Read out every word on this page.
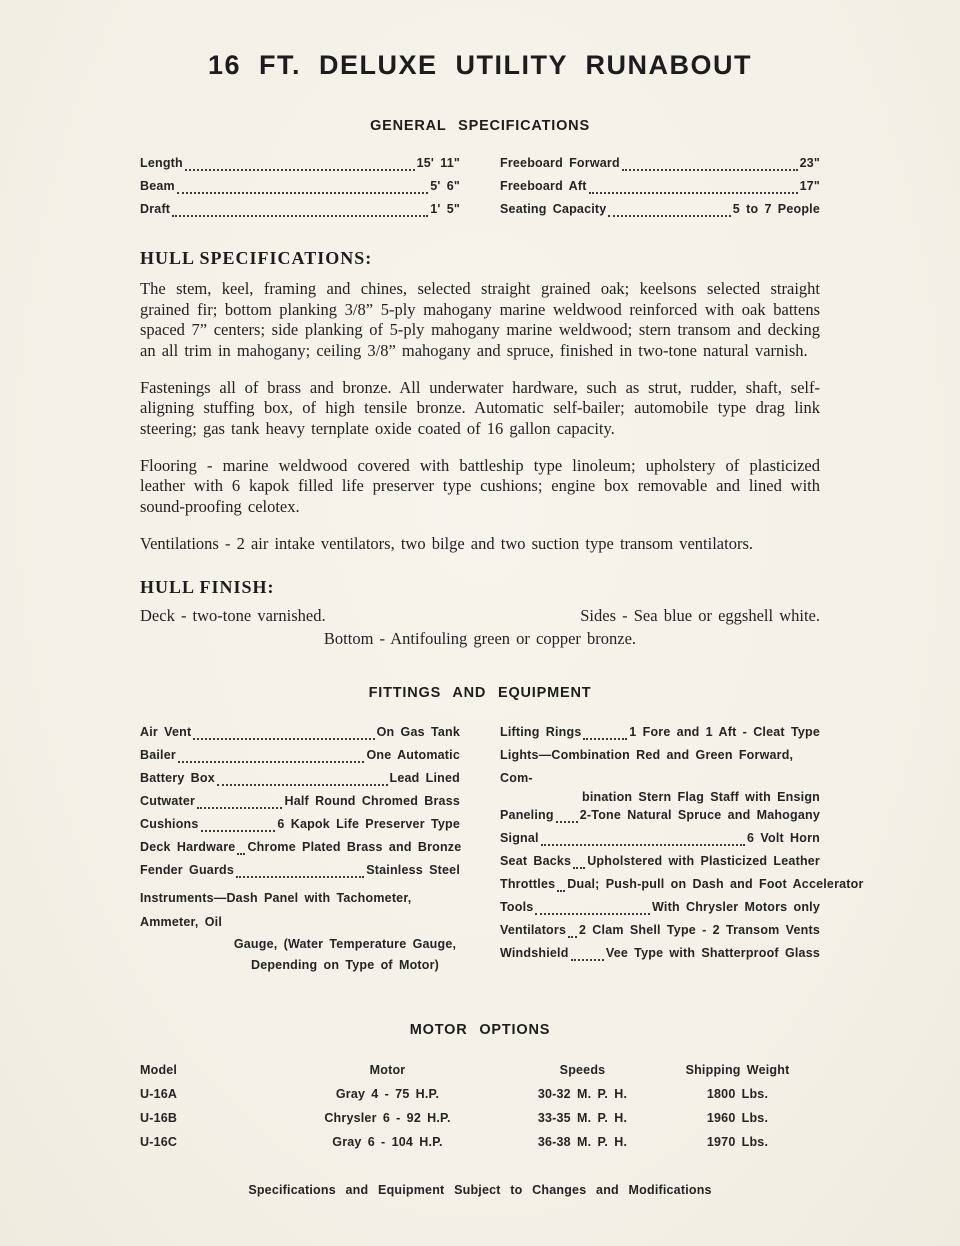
16 FT. DELUXE UTILITY RUNABOUT
GENERAL SPECIFICATIONS
Length	15' 11"
Beam	5' 6"
Draft	1' 5"
Freeboard Forward	23"
Freeboard Aft	17"
Seating Capacity	5 to 7 People
HULL SPECIFICATIONS:

The stem, keel, framing and chines, selected straight grained oak; keelsons selected straight grained fir; bottom planking 3/8” 5-ply mahogany marine weldwood reinforced with oak battens spaced 7” centers; side planking of 5-ply mahogany marine weldwood; stern transom and decking an all trim in mahogany; ceiling 3/8” mahogany and spruce, finished in two-tone natural varnish.

Fastenings all of brass and bronze. All underwater hardware, such as strut, rudder, shaft, self-aligning stuffing box, of high tensile bronze. Automatic self-bailer; automobile type drag link steering; gas tank heavy ternplate oxide coated of 16 gallon capacity.

Flooring - marine weldwood covered with battleship type linoleum; upholstery of plasticized leather with 6 kapok filled life preserver type cushions; engine box removable and lined with sound-proofing celotex.

Ventilations - 2 air intake ventilators, two bilge and two suction type transom ventilators.

HULL FINISH:
Deck - two-tone varnished.	Sides - Sea blue or eggshell white.
Bottom - Antifouling green or copper bronze.
FITTINGS AND EQUIPMENT
Air Vent	On Gas Tank
Bailer	One Automatic
Battery Box	Lead Lined
Cutwater	Half Round Chromed Brass
Cushions	6 Kapok Life Preserver Type
Deck Hardware Chrome Plated Brass and Bronze
Fender Guards	Stainless Steel
Instruments—Dash Panel with Tachometer, Ammeter, Oil
Gauge, (Water Temperature Gauge,
Depending on Type of Motor)
Lifting Rings	1 Fore and 1 Aft - Cleat Type
Lights—Combination Red and Green Forward, Com-
bination Stern Flag Staff with Ensign
Paneling 2-Tone Natural Spruce and Mahogany
Signal	6 Volt Horn
Seat Backs Upholstered with Plasticized Leather
Throttles Dual; Push-pull on Dash and Foot Accelerator
Tools	With Chrysler Motors only
Ventilators 2 Clam Shell Type - 2 Transom Vents
Windshield	Vee Type with Shatterproof Glass
MOTOR OPTIONS
Model	Motor	Speeds	Shipping Weight
U-16A	Gray 4 - 75 H.P.	30-32 M. P. H.	1800 Lbs.
U-16B	Chrysler 6 - 92 H.P.	33-35 M. P. H.	1960 Lbs.
U-16C	Gray 6 - 104 H.P.	36-38 M. P. H.	1970 Lbs.
Specifications and Equipment Subject to Changes and Modifications
